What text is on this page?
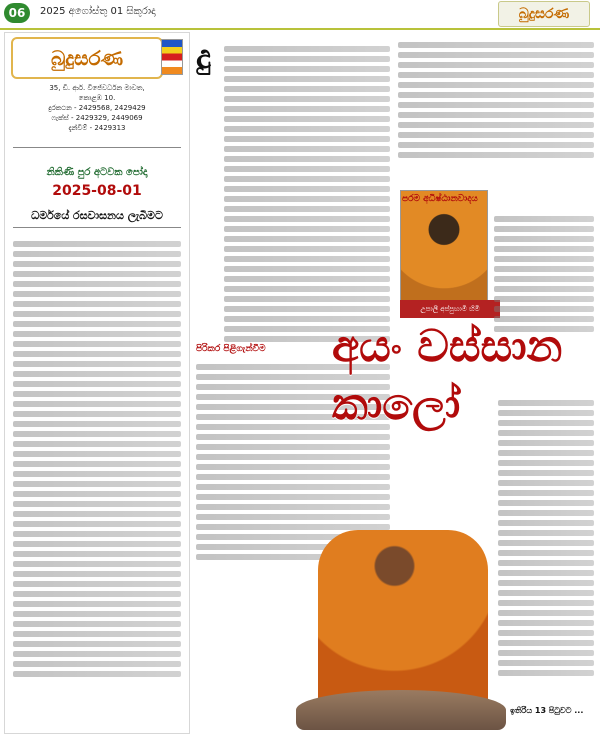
06	2025 අගෝස්තු 01 සිකුරාදා	බුදුසරණ
බුදුසරණ
35, ඩී. ආර්. විජේවර්ධන මාවත,
කොළඹ 10.
දුරකථන - 2429568, 2429429
ෆැක්ස් - 2429329, 2449069
දැන්වීම් - 2429313
නිකිණි පුර අටවක පෝදා
2025-08-01
ධර්මයේ රසවාසනය ලැබීමට
දු
පිරිකර පිළිගැන්වීම
උපාලී අප්පුහාමි හිමි
පරම අධිෂ්ඨානවාදය
අයං වස්සාන කාලෝ
ඉතිරිය 13 පිටුවට ...
